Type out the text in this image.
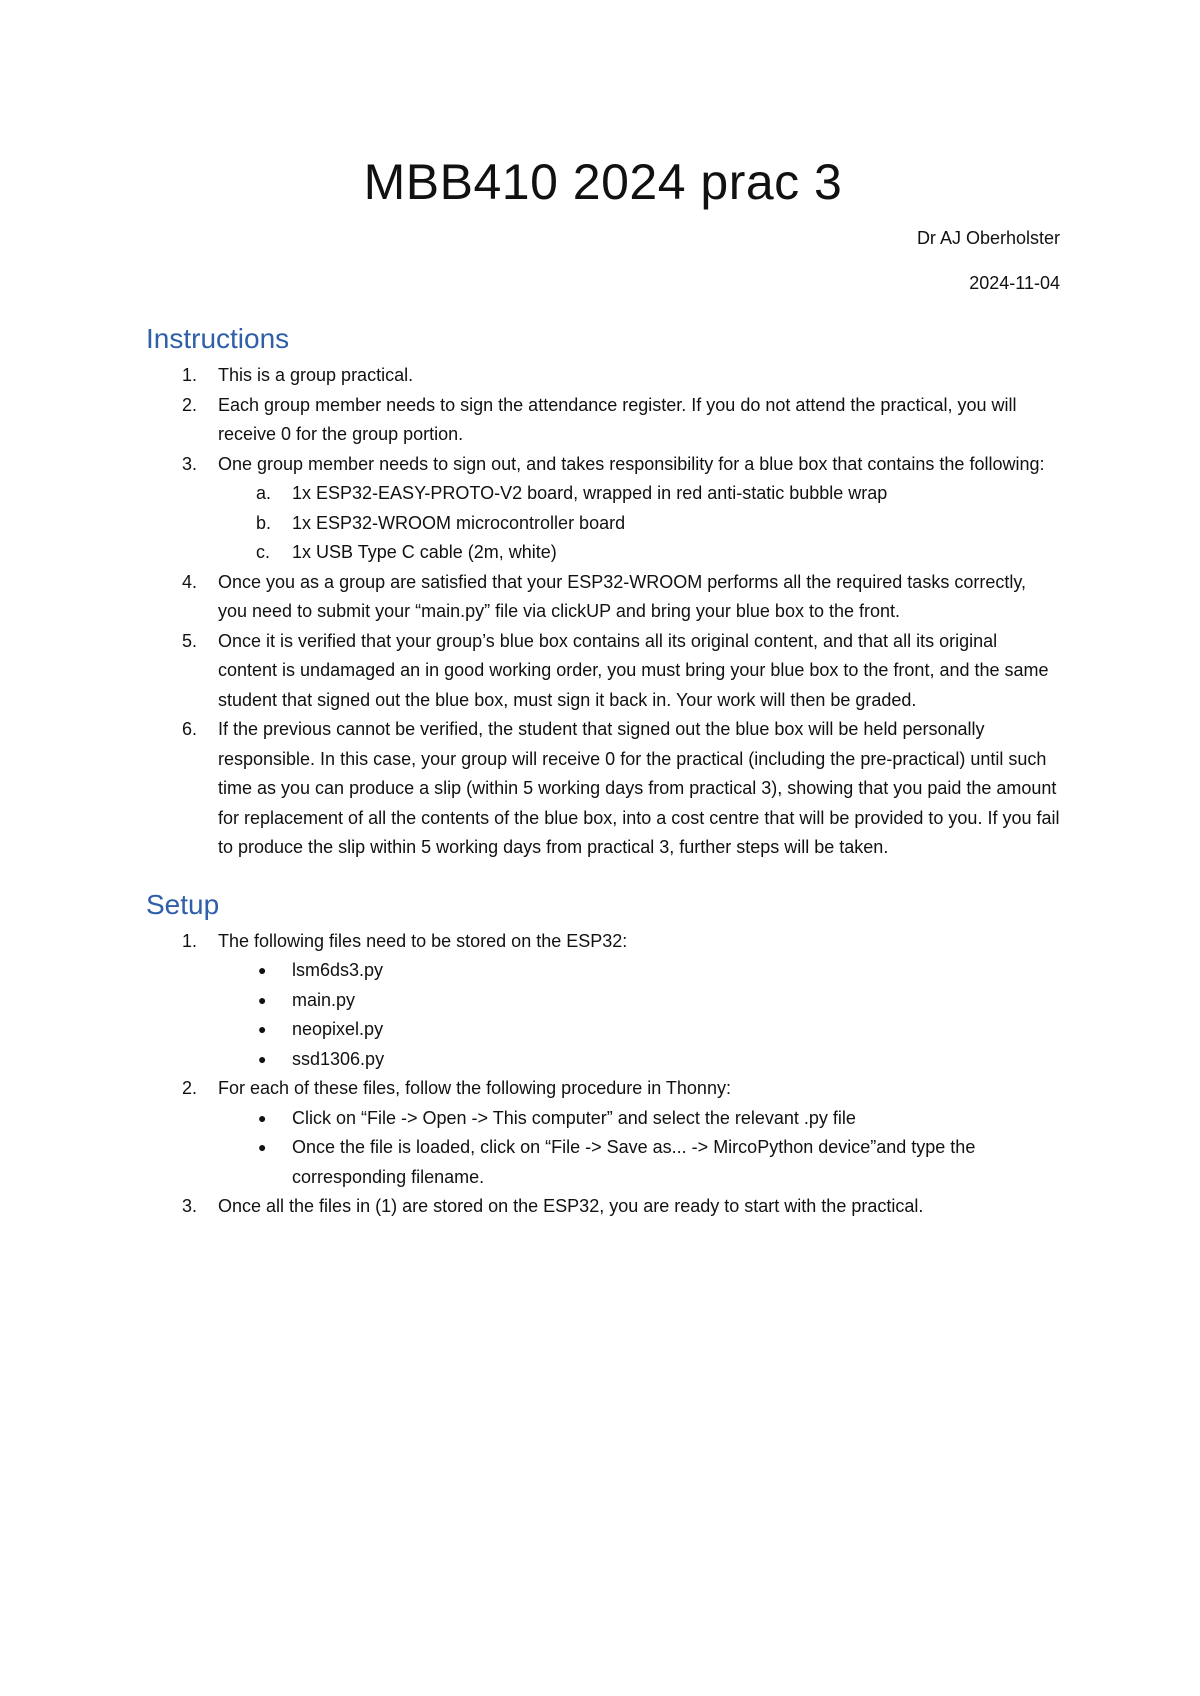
MBB410 2024 prac 3

Dr AJ Oberholster

2024-11-04

Instructions
1. This is a group practical.
2. Each group member needs to sign the attendance register. If you do not attend the practical, you will receive 0 for the group portion.
3. One group member needs to sign out, and takes responsibility for a blue box that contains the following:
a. 1x ESP32-EASY-PROTO-V2 board, wrapped in red anti-static bubble wrap
b. 1x ESP32-WROOM microcontroller board
c. 1x USB Type C cable (2m, white)
4. Once you as a group are satisfied that your ESP32-WROOM performs all the required tasks correctly, you need to submit your “main.py” file via clickUP and bring your blue box to the front.
5. Once it is verified that your group’s blue box contains all its original content, and that all its original content is undamaged an in good working order, you must bring your blue box to the front, and the same student that signed out the blue box, must sign it back in. Your work will then be graded.
6. If the previous cannot be verified, the student that signed out the blue box will be held personally responsible. In this case, your group will receive 0 for the practical (including the pre-practical) until such time as you can produce a slip (within 5 working days from practical 3), showing that you paid the amount for replacement of all the contents of the blue box, into a cost centre that will be provided to you. If you fail to produce the slip within 5 working days from practical 3, further steps will be taken.
Setup
1. The following files need to be stored on the ESP32:
● lsm6ds3.py
● main.py
● neopixel.py
● ssd1306.py
2. For each of these files, follow the following procedure in Thonny:
● Click on “File -> Open -> This computer” and select the relevant .py file
● Once the file is loaded, click on “File -> Save as... -> MircoPython device”and type the corresponding filename.
3. Once all the files in (1) are stored on the ESP32, you are ready to start with the practical.
